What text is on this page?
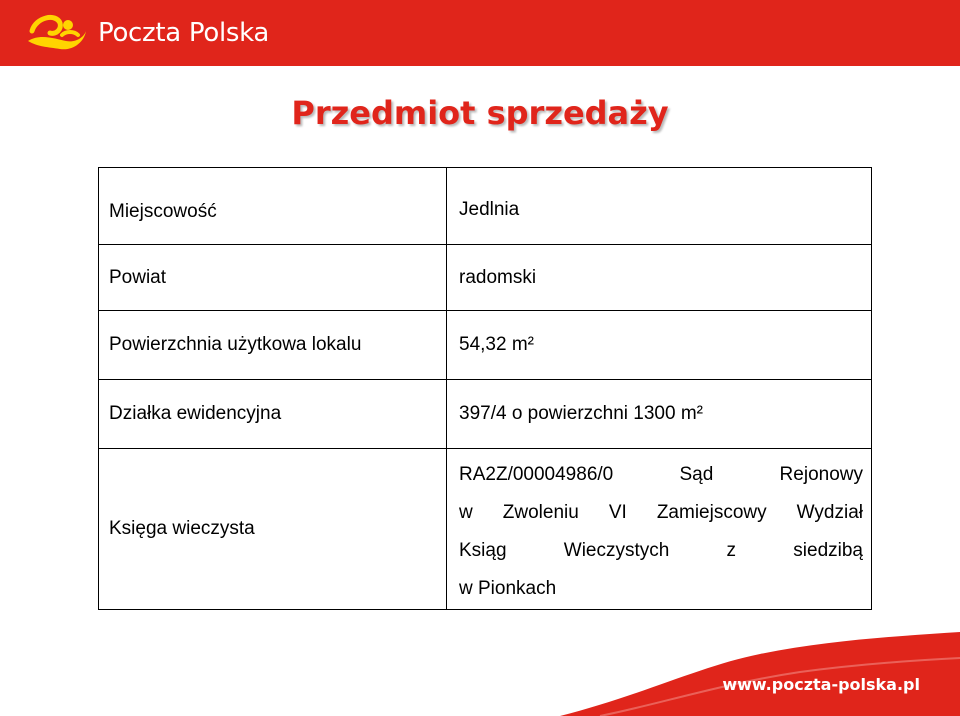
Poczta Polska
Przedmiot sprzedaży
Miejscowość	Jedlnia
Powiat	radomski
Powierzchnia użytkowa lokalu	54,32 m²
Działka ewidencyjna	397/4 o powierzchni 1300 m²
Księga wieczysta	RA2Z/00004986/0 Sąd Rejonowy
w Zwoleniu VI Zamiejscowy Wydział
Ksiąg Wieczystych z siedzibą
w Pionkach
www.poczta-polska.pl
